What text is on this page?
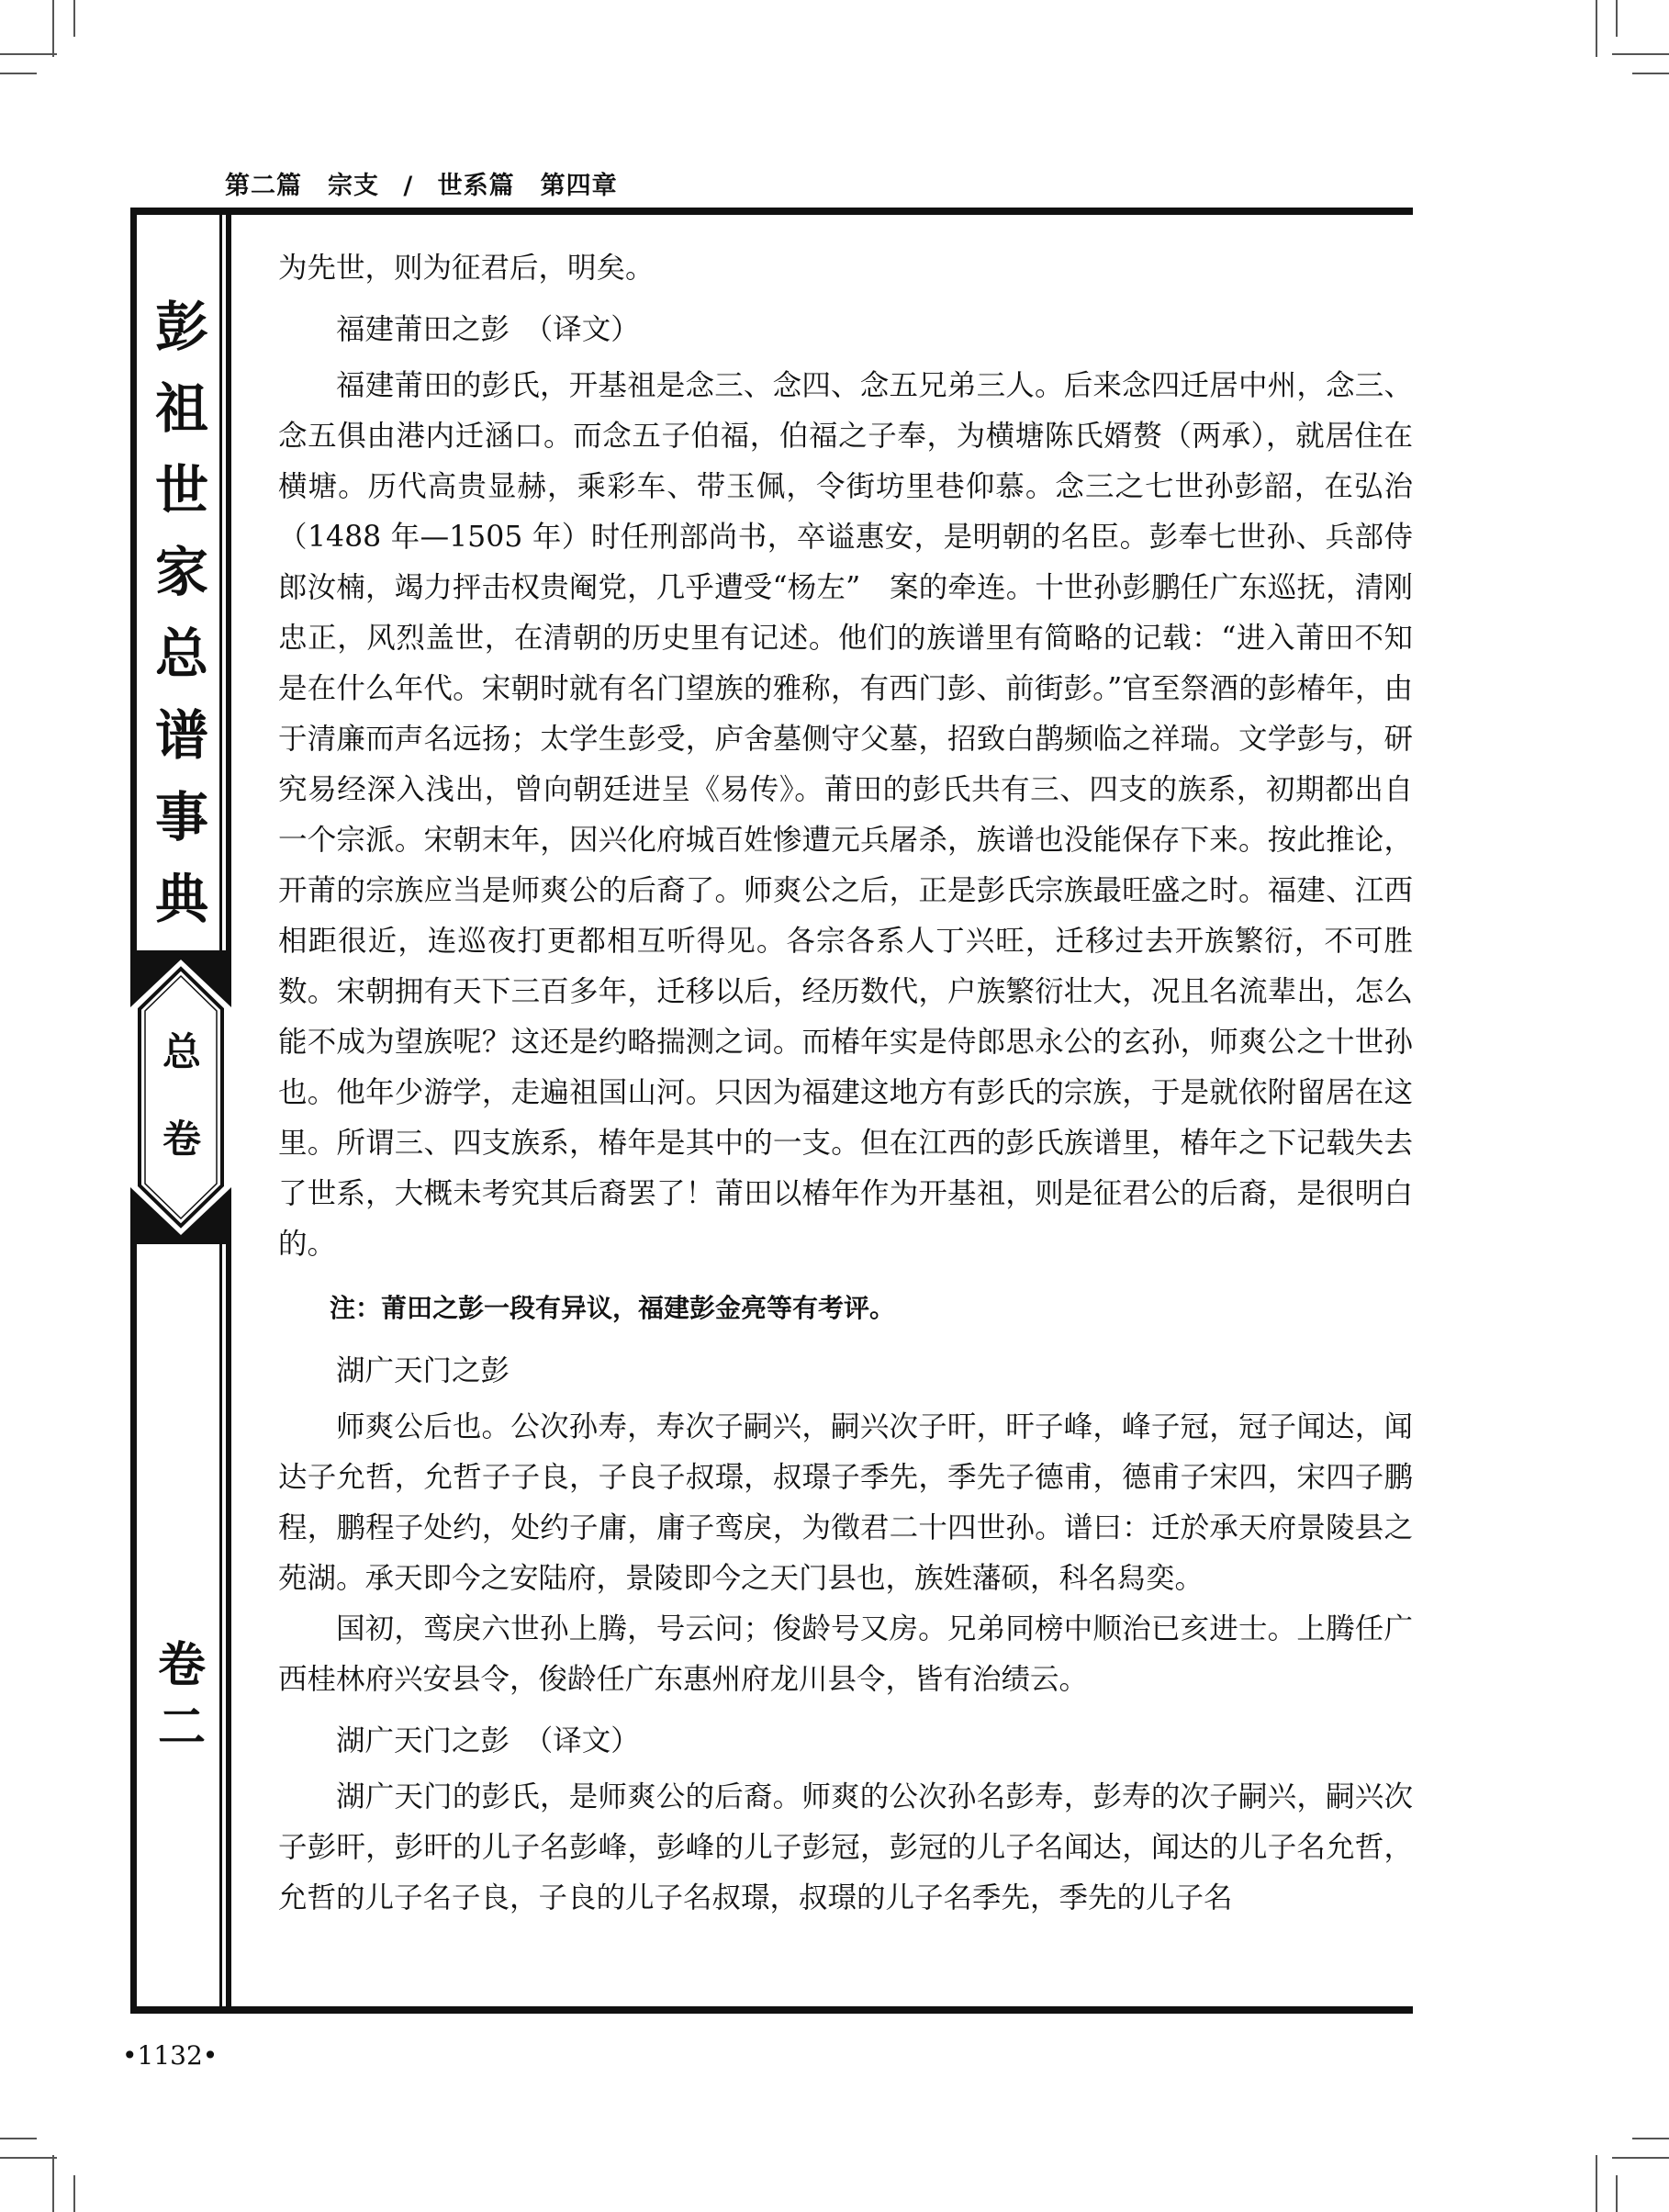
第二篇　宗支 / 世系篇　第四章
彭
祖
世
家
总
谱
事
典
总
卷
卷
二

为先世，则为征君后，明矣。

福建莆田之彭　（译文）

福建莆田的彭氏，开基祖是念三、念四、念五兄弟三人。后来念四迁居中州，念三、念五俱由港内迁涵口。而念五子伯福，伯福之子奉，为横塘陈氏婿赘（两承），就居住在横塘。历代高贵显赫，乘彩车、带玉佩，令街坊里巷仰慕。念三之七世孙彭韶，在弘治（1488 年—1505 年）时任刑部尚书，卒谥惠安，是明朝的名臣。彭奉七世孙、兵部侍郎汝楠，竭力抨击权贵阉党，几乎遭受“杨左”　案的牵连。十世孙彭鹏任广东巡抚，清刚忠正，风烈盖世，在清朝的历史里有记述。他们的族谱里有简略的记载：“进入莆田不知是在什么年代。宋朝时就有名门望族的雅称，有西门彭、前街彭。”官至祭酒的彭椿年，由于清廉而声名远扬；太学生彭受，庐舍墓侧守父墓，招致白鹊频临之祥瑞。文学彭与，研究易经深入浅出，曾向朝廷进呈《易传》。莆田的彭氏共有三、四支的族系，初期都出自一个宗派。宋朝末年，因兴化府城百姓惨遭元兵屠杀，族谱也没能保存下来。按此推论，开莆的宗族应当是师爽公的后裔了。师爽公之后，正是彭氏宗族最旺盛之时。福建、江西相距很近，连巡夜打更都相互听得见。各宗各系人丁兴旺，迁移过去开族繁衍，不可胜数。宋朝拥有天下三百多年，迁移以后，经历数代，户族繁衍壮大，况且名流辈出，怎么能不成为望族呢？这还是约略揣测之词。而椿年实是侍郎思永公的玄孙，师爽公之十世孙也。他年少游学，走遍祖国山河。只因为福建这地方有彭氏的宗族，于是就依附留居在这里。所谓三、四支族系，椿年是其中的一支。但在江西的彭氏族谱里，椿年之下记载失去了世系，大概未考究其后裔罢了！莆田以椿年作为开基祖，则是征君公的后裔，是很明白的。

注：莆田之彭一段有异议，福建彭金亮等有考评。

湖广天门之彭

师爽公后也。公次孙寿，寿次子嗣兴，嗣兴次子旰，旰子峰，峰子冠，冠子闻达，闻达子允哲，允哲子子良，子良子叔璟，叔璟子季先，季先子德甫，德甫子宋四，宋四子鹏程，鹏程子处约，处约子庸，庸子鸾戾，为徵君二十四世孙。谱曰：迁於承天府景陵县之苑湖。承天即今之安陆府，景陵即今之天门县也，族姓藩硕，科名舄奕。

国初，鸾戾六世孙上腾，号云问；俊龄号又房。兄弟同榜中顺治已亥进士。上腾任广西桂林府兴安县令，俊龄任广东惠州府龙川县令，皆有治绩云。

湖广天门之彭　（译文）

湖广天门的彭氏，是师爽公的后裔。师爽的公次孙名彭寿，彭寿的次子嗣兴，嗣兴次子彭旰，彭旰的儿子名彭峰，彭峰的儿子彭冠，彭冠的儿子名闻达，闻达的儿子名允哲，允哲的儿子名子良，子良的儿子名叔璟，叔璟的儿子名季先，季先的儿子名

•1132•
